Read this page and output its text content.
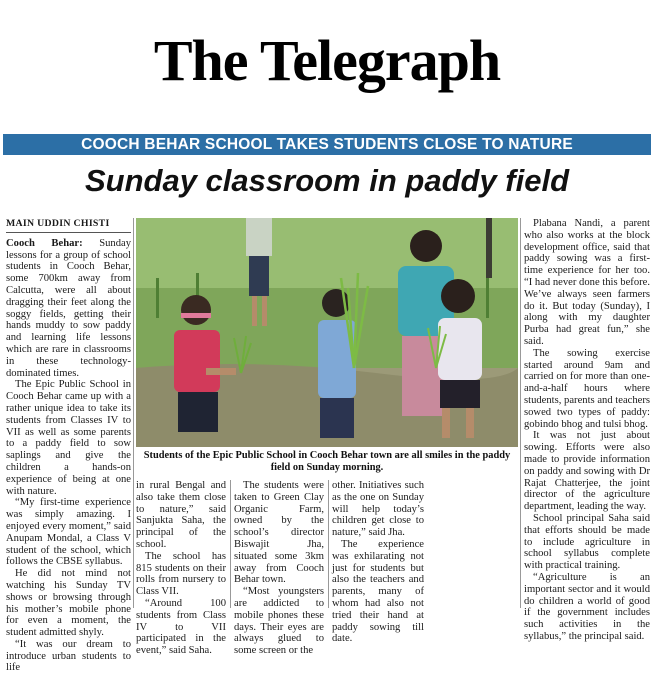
The Telegraph
COOCH BEHAR SCHOOL TAKES STUDENTS CLOSE TO NATURE
Sunday classroom in paddy field
MAIN UDDIN CHISTI

Cooch Behar: Sunday lessons for a group of school students in Cooch Behar, some 700km away from Calcutta, were all about dragging their feet along the soggy fields, getting their hands muddy to sow paddy and learning life lessons which are rare in classrooms in these technology-dominated times.

The Epic Public School in Cooch Behar came up with a rather unique idea to take its students from Classes IV to VII as well as some parents to a paddy field to sow saplings and give the children a hands-on experience of being at one with nature.

“My first-time experience was simply amazing. I enjoyed every moment,” said Anupam Mondal, a Class V student of the school, which follows the CBSE syllabus.

He did not mind not watching his Sunday TV shows or browsing through his mother’s mobile phone for even a moment, the student admitted shyly.

“It was our dream to introduce urban students to life

Students of the Epic Public School in Cooch Behar town are all smiles in the paddy field on Sunday morning.

in rural Bengal and also take them close to nature,” said Sanjukta Saha, the principal of the school.

The school has 815 students on their rolls from nursery to Class VII.

“Around 100 students from Class IV to VII participated in the event,” said Saha.

The students were taken to Green Clay Organic Farm, owned by the school’s director Biswajit Jha, situated some 3km away from Cooch Behar town.

“Most youngsters are addicted to mobile phones these days. Their eyes are always glued to some screen or the

other. Initiatives such as the one on Sunday will help today’s children get close to nature,” said Jha.

The experience was exhilarating not just for students but also the teachers and parents, many of whom had also not tried their hand at paddy sowing till date.

Plabana Nandi, a parent who also works at the block development office, said that paddy sowing was a first-time experience for her too. “I had never done this before. We’ve always seen farmers do it. But today (Sunday), I along with my daughter Purba had great fun,” she said.

The sowing exercise started around 9am and carried on for more than one-and-a-half hours where students, parents and teachers sowed two types of paddy: gobindo bhog and tulsi bhog.

It was not just about sowing. Efforts were also made to provide information on paddy and sowing with Dr Rajat Chatterjee, the joint director of the agriculture department, leading the way.

School principal Saha said that efforts should be made to include agriculture in school syllabus complete with practical training.

“Agriculture is an important sector and it would do children a world of good if the government includes such activities in the syllabus,” the principal said.
